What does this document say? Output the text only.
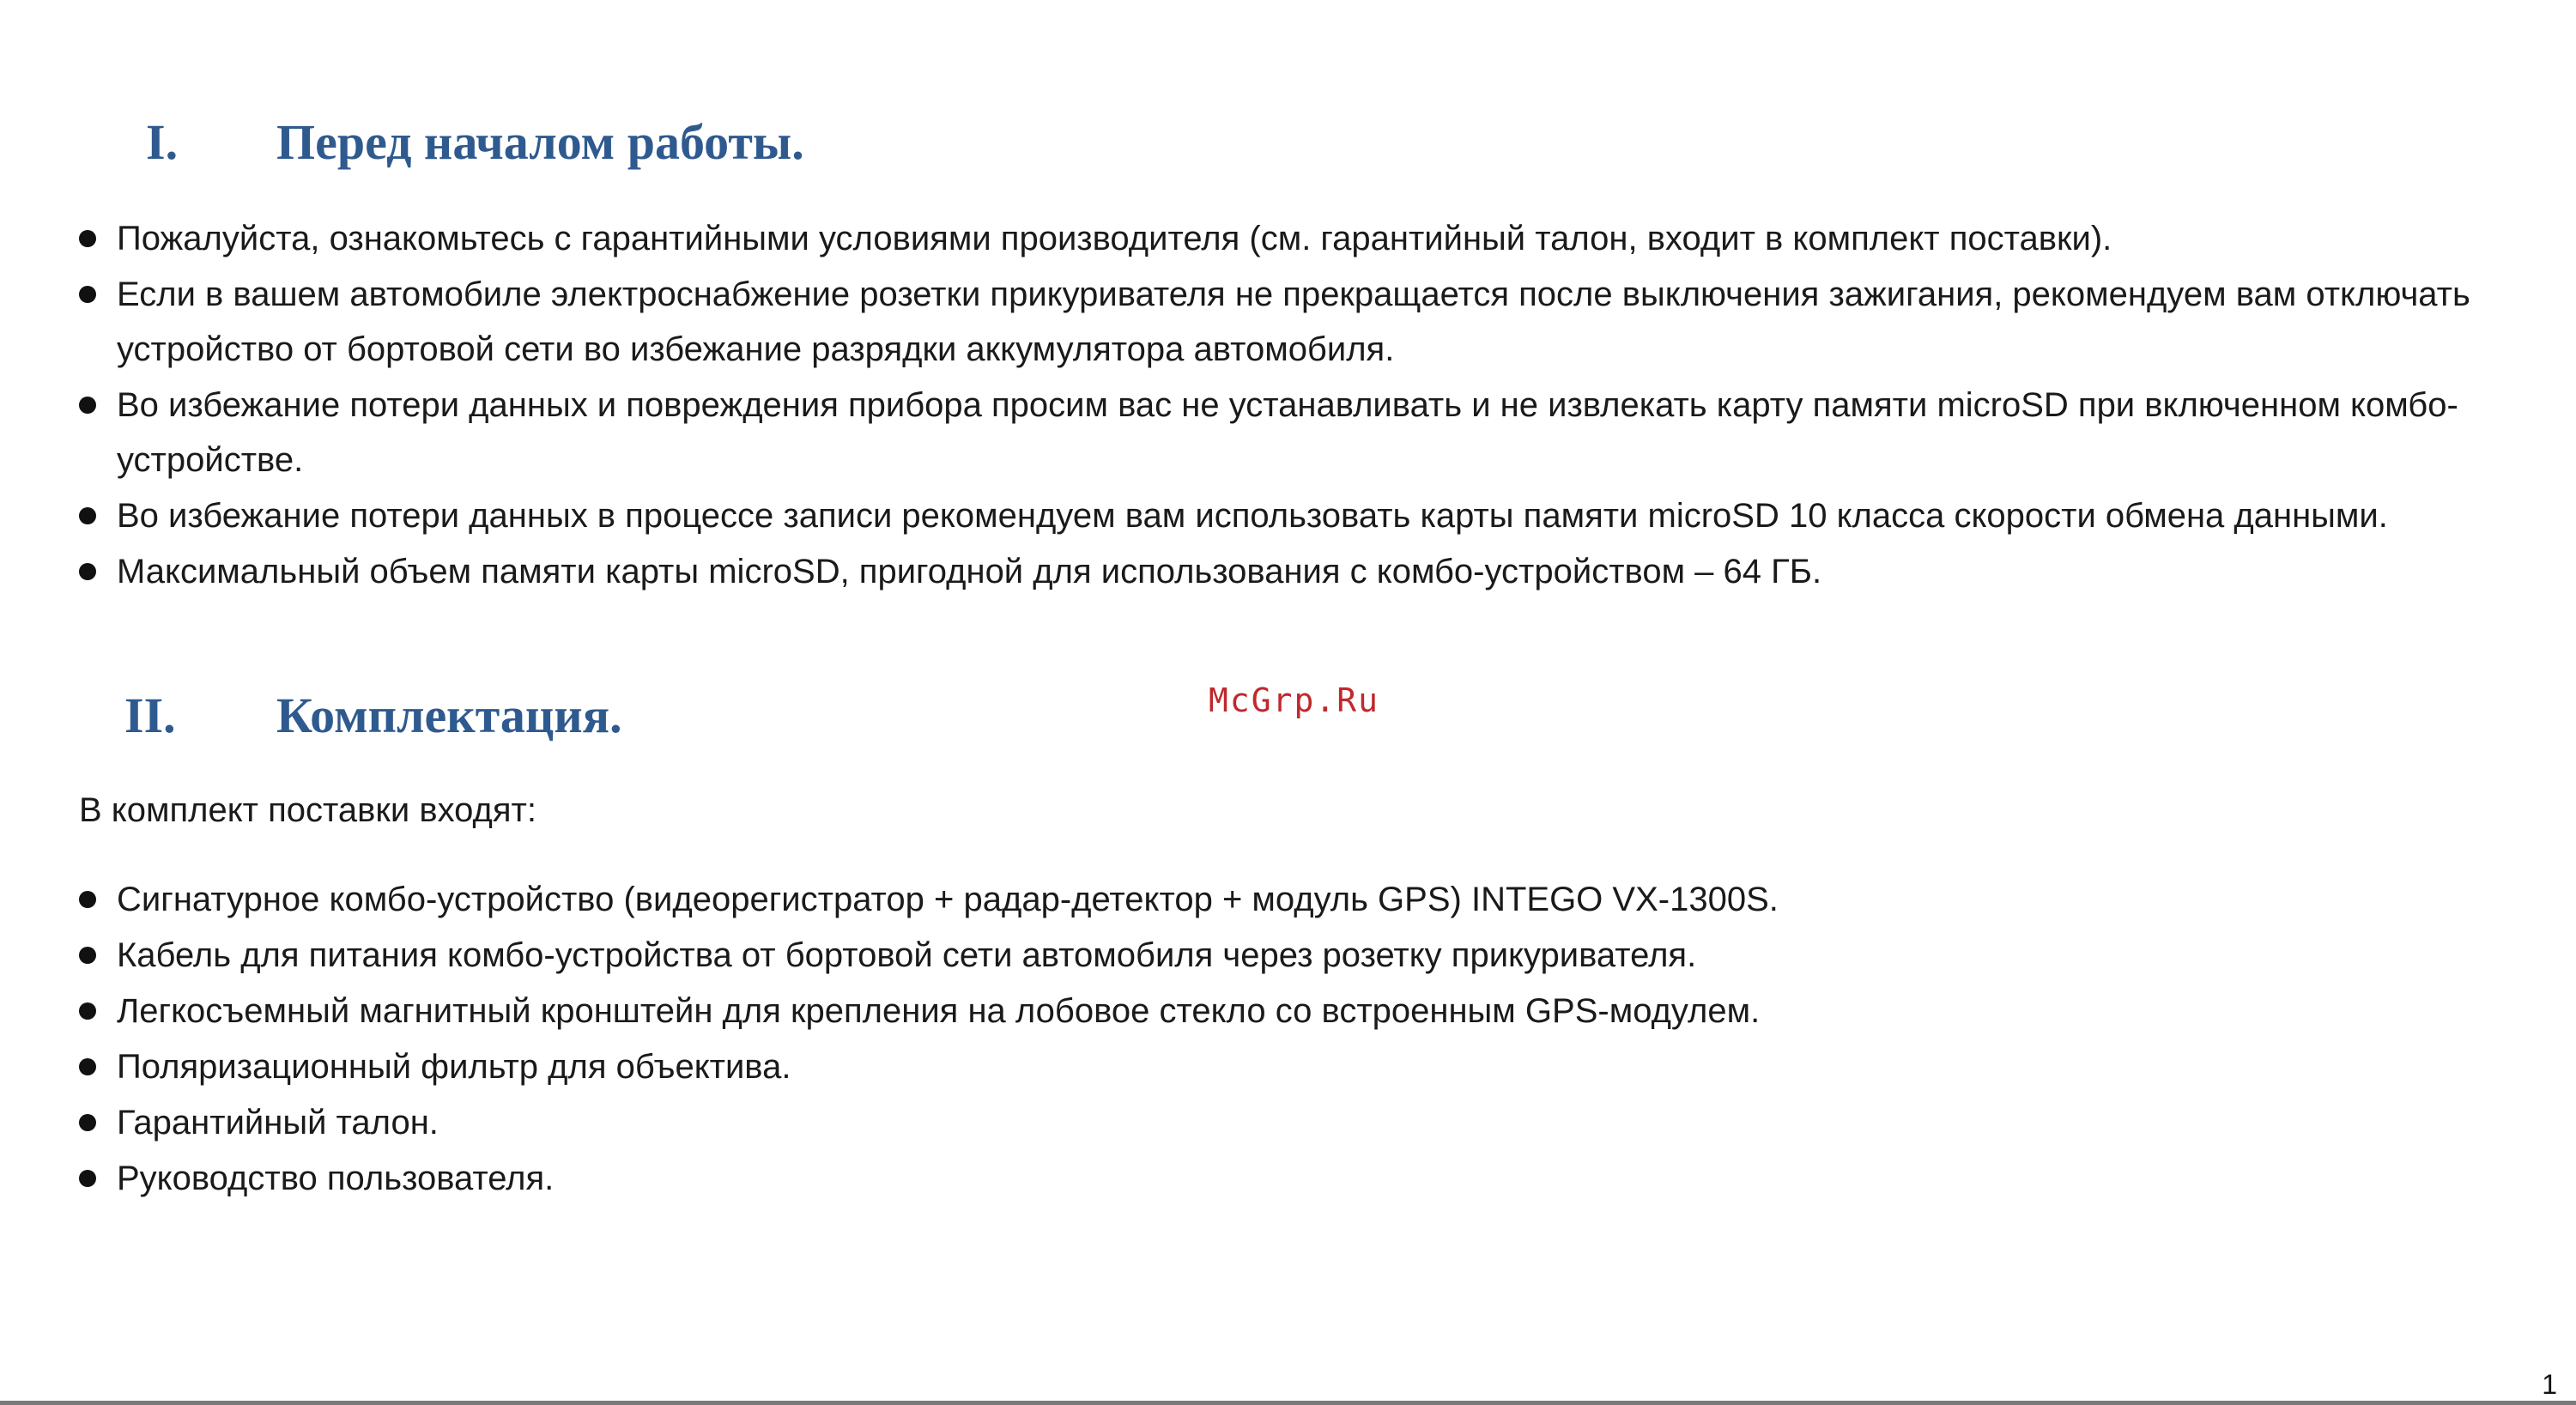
I. Перед началом работы.
Пожалуйста, ознакомьтесь с гарантийными условиями производителя (см. гарантийный талон, входит в комплект поставки).
Если в вашем автомобиле электроснабжение розетки прикуривателя не прекращается после выключения зажигания, рекомендуем вам отключать устройство от бортовой сети во избежание разрядки аккумулятора автомобиля.
Во избежание потери данных и повреждения прибора просим вас не устанавливать и не извлекать карту памяти microSD при включенном комбо-устройстве.
Во избежание потери данных в процессе записи рекомендуем вам использовать карты памяти microSD 10 класса скорости обмена данными.
Максимальный объем памяти карты microSD, пригодной для использования с комбо-устройством – 64 ГБ.
II. Комплектация.	McGrp.Ru
В комплект поставки входят:
Сигнатурное комбо-устройство (видеорегистратор + радар-детектор + модуль GPS) INTEGO VX-1300S.
Кабель для питания комбо-устройства от бортовой сети автомобиля через розетку прикуривателя.
Легкосъемный магнитный кронштейн для крепления на лобовое стекло со встроенным GPS-модулем.
Поляризационный фильтр для объектива.
Гарантийный талон.
Руководство пользователя.
1
